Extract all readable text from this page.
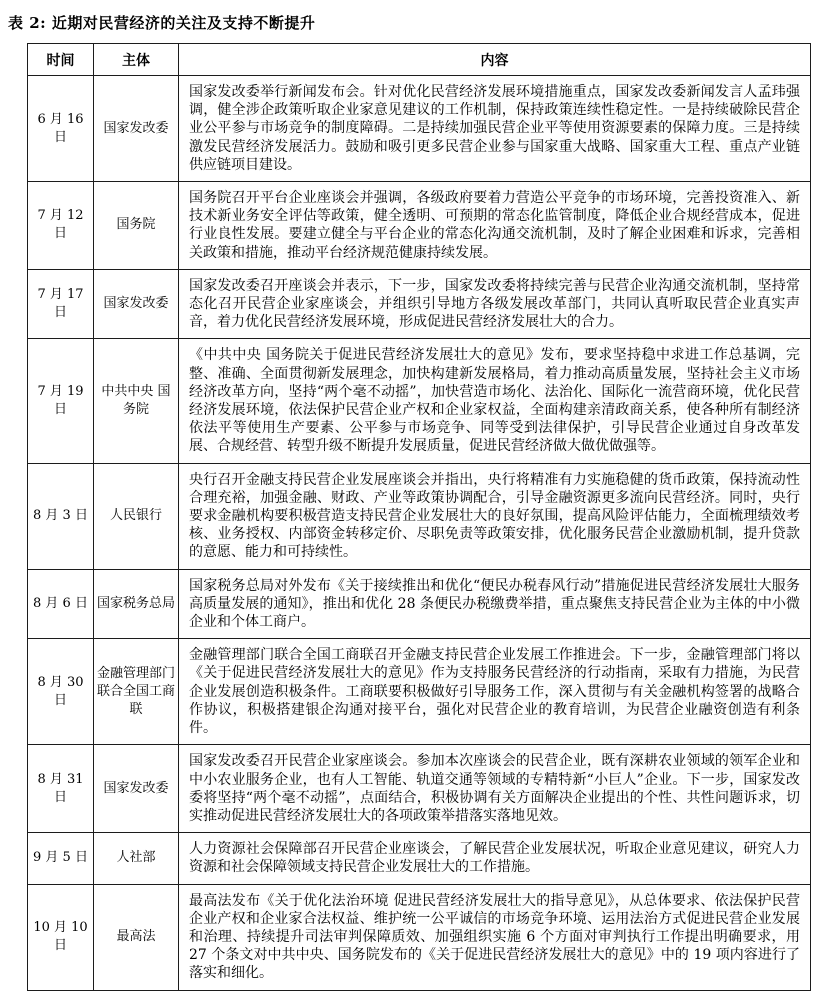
表 2: 近期对民营经济的关注及支持不断提升
时间	主体	内容
6 月 16 日	国家发改委	国家发改委举行新闻发布会。针对优化民营经济发展环境措施重点，国家发改委新闻发言人孟玮强调，健全涉企政策听取企业家意见建议的工作机制，保持政策连续性稳定性。一是持续破除民营企业公平参与市场竞争的制度障碍。二是持续加强民营企业平等使用资源要素的保障力度。三是持续激发民营经济发展活力。鼓励和吸引更多民营企业参与国家重大战略、国家重大工程、重点产业链供应链项目建设。
7 月 12 日	国务院	国务院召开平台企业座谈会并强调，各级政府要着力营造公平竞争的市场环境，完善投资准入、新技术新业务安全评估等政策，健全透明、可预期的常态化监管制度，降低企业合规经营成本，促进行业良性发展。要建立健全与平台企业的常态化沟通交流机制，及时了解企业困难和诉求，完善相关政策和措施，推动平台经济规范健康持续发展。
7 月 17 日	国家发改委	国家发改委召开座谈会并表示，下一步，国家发改委将持续完善与民营企业沟通交流机制，坚持常态化召开民营企业家座谈会，并组织引导地方各级发展改革部门，共同认真听取民营企业真实声音，着力优化民营经济发展环境，形成促进民营经济发展壮大的合力。
7 月 19 日	中共中央 国务院	《中共中央 国务院关于促进民营经济发展壮大的意见》发布，要求坚持稳中求进工作总基调，完整、准确、全面贯彻新发展理念，加快构建新发展格局，着力推动高质量发展，坚持社会主义市场经济改革方向，坚持“两个毫不动摇”，加快营造市场化、法治化、国际化一流营商环境，优化民营经济发展环境，依法保护民营企业产权和企业家权益，全面构建亲清政商关系，使各种所有制经济依法平等使用生产要素、公平参与市场竞争、同等受到法律保护，引导民营企业通过自身改革发展、合规经营、转型升级不断提升发展质量，促进民营经济做大做优做强等。
8 月 3 日	人民银行	央行召开金融支持民营企业发展座谈会并指出，央行将精准有力实施稳健的货币政策，保持流动性合理充裕，加强金融、财政、产业等政策协调配合，引导金融资源更多流向民营经济。同时，央行要求金融机构要积极营造支持民营企业发展壮大的良好氛围，提高风险评估能力，全面梳理绩效考核、业务授权、内部资金转移定价、尽职免责等政策安排，优化服务民营企业激励机制，提升贷款的意愿、能力和可持续性。
8 月 6 日	国家税务总局	国家税务总局对外发布《关于接续推出和优化“便民办税春风行动”措施促进民营经济发展壮大服务高质量发展的通知》，推出和优化 28 条便民办税缴费举措，重点聚焦支持民营企业为主体的中小微企业和个体工商户。
8 月 30 日	金融管理部门联合全国工商联	金融管理部门联合全国工商联召开金融支持民营企业发展工作推进会。下一步，金融管理部门将以《关于促进民营经济发展壮大的意见》作为支持服务民营经济的行动指南，采取有力措施，为民营企业发展创造积极条件。工商联要积极做好引导服务工作，深入贯彻与有关金融机构签署的战略合作协议，积极搭建银企沟通对接平台，强化对民营企业的教育培训，为民营企业融资创造有利条件。
8 月 31 日	国家发改委	国家发改委召开民营企业家座谈会。参加本次座谈会的民营企业，既有深耕农业领域的领军企业和中小农业服务企业，也有人工智能、轨道交通等领域的专精特新“小巨人”企业。下一步，国家发改委将坚持“两个毫不动摇”，点面结合，积极协调有关方面解决企业提出的个性、共性问题诉求，切实推动促进民营经济发展壮大的各项政策举措落实落地见效。
9 月 5 日	人社部	人力资源社会保障部召开民营企业座谈会，了解民营企业发展状况，听取企业意见建议，研究人力资源和社会保障领域支持民营企业发展壮大的工作措施。
10 月 10 日	最高法	最高法发布《关于优化法治环境 促进民营经济发展壮大的指导意见》，从总体要求、依法保护民营企业产权和企业家合法权益、维护统一公平诚信的市场竞争环境、运用法治方式促进民营企业发展和治理、持续提升司法审判保障质效、加强组织实施 6 个方面对审判执行工作提出明确要求，用 27 个条文对中共中央、国务院发布的《关于促进民营经济发展壮大的意见》中的 19 项内容进行了落实和细化。
